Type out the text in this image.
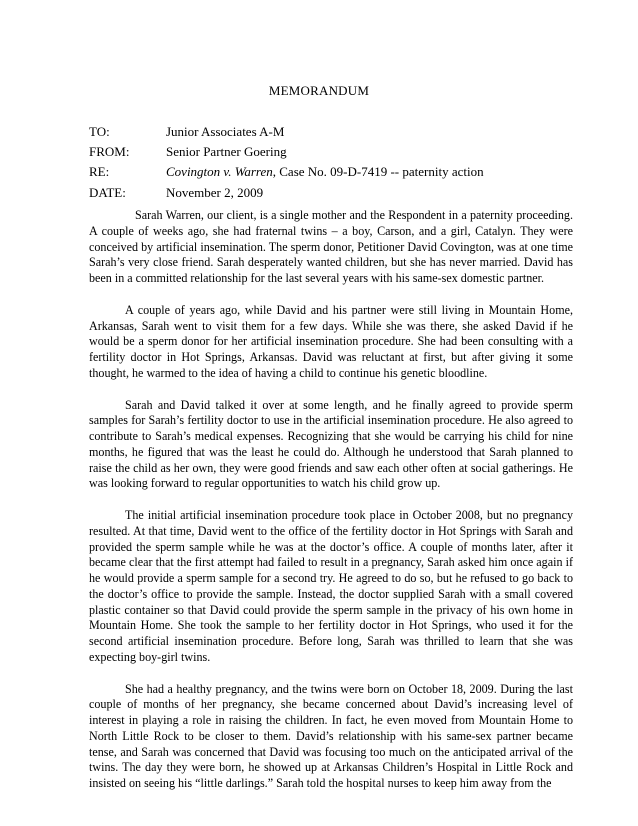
MEMORANDUM
TO:	Junior Associates A-M
FROM:	Senior Partner Goering
RE:	Covington v. Warren, Case No. 09-D-7419 -- paternity action
DATE:	November 2, 2009

Sarah Warren, our client, is a single mother and the Respondent in a paternity proceeding. A couple of weeks ago, she had fraternal twins – a boy, Carson, and a girl, Catalyn. They were conceived by artificial insemination. The sperm donor, Petitioner David Covington, was at one time Sarah’s very close friend. Sarah desperately wanted children, but she has never married. David has been in a committed relationship for the last several years with his same-sex domestic partner.

A couple of years ago, while David and his partner were still living in Mountain Home, Arkansas, Sarah went to visit them for a few days. While she was there, she asked David if he would be a sperm donor for her artificial insemination procedure. She had been consulting with a fertility doctor in Hot Springs, Arkansas. David was reluctant at first, but after giving it some thought, he warmed to the idea of having a child to continue his genetic bloodline.

Sarah and David talked it over at some length, and he finally agreed to provide sperm samples for Sarah’s fertility doctor to use in the artificial insemination procedure. He also agreed to contribute to Sarah’s medical expenses. Recognizing that she would be carrying his child for nine months, he figured that was the least he could do. Although he understood that Sarah planned to raise the child as her own, they were good friends and saw each other often at social gatherings. He was looking forward to regular opportunities to watch his child grow up.

The initial artificial insemination procedure took place in October 2008, but no pregnancy resulted. At that time, David went to the office of the fertility doctor in Hot Springs with Sarah and provided the sperm sample while he was at the doctor’s office. A couple of months later, after it became clear that the first attempt had failed to result in a pregnancy, Sarah asked him once again if he would provide a sperm sample for a second try. He agreed to do so, but he refused to go back to the doctor’s office to provide the sample. Instead, the doctor supplied Sarah with a small covered plastic container so that David could provide the sperm sample in the privacy of his own home in Mountain Home. She took the sample to her fertility doctor in Hot Springs, who used it for the second artificial insemination procedure. Before long, Sarah was thrilled to learn that she was expecting boy-girl twins.

She had a healthy pregnancy, and the twins were born on October 18, 2009. During the last couple of months of her pregnancy, she became concerned about David’s increasing level of interest in playing a role in raising the children. In fact, he even moved from Mountain Home to North Little Rock to be closer to them. David’s relationship with his same-sex partner became tense, and Sarah was concerned that David was focusing too much on the anticipated arrival of the twins. The day they were born, he showed up at Arkansas Children’s Hospital in Little Rock and insisted on seeing his “little darlings.” Sarah told the hospital nurses to keep him away from the
